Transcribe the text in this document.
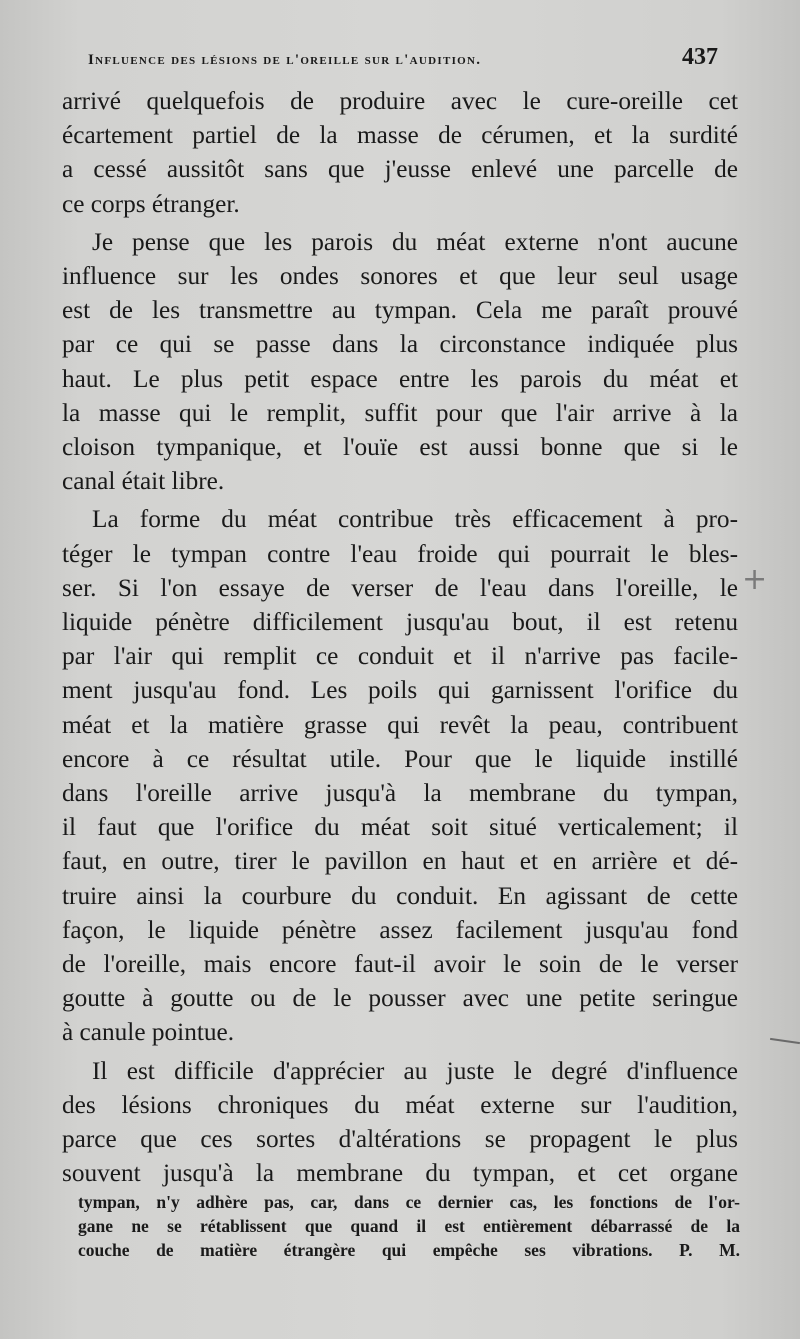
Influence des lésions de l'oreille sur l'audition.	437
arrivé quelquefois de produire avec le cure-oreille cet
écartement partiel de la masse de cérumen, et la surdité
a cessé aussitôt sans que j'eusse enlevé une parcelle de
ce corps étranger.
Je pense que les parois du méat externe n'ont aucune
influence sur les ondes sonores et que leur seul usage
est de les transmettre au tympan. Cela me paraît prouvé
par ce qui se passe dans la circonstance indiquée plus
haut. Le plus petit espace entre les parois du méat et
la masse qui le remplit, suffit pour que l'air arrive à la
cloison tympanique, et l'ouïe est aussi bonne que si le
canal était libre.
La forme du méat contribue très efficacement à pro-
téger le tympan contre l'eau froide qui pourrait le bles-
ser. Si l'on essaye de verser de l'eau dans l'oreille, le
liquide pénètre difficilement jusqu'au bout, il est retenu
par l'air qui remplit ce conduit et il n'arrive pas facile-
ment jusqu'au fond. Les poils qui garnissent l'orifice du
méat et la matière grasse qui revêt la peau, contribuent
encore à ce résultat utile. Pour que le liquide instillé
dans l'oreille arrive jusqu'à la membrane du tympan,
il faut que l'orifice du méat soit situé verticalement; il
faut, en outre, tirer le pavillon en haut et en arrière et dé-
truire ainsi la courbure du conduit. En agissant de cette
façon, le liquide pénètre assez facilement jusqu'au fond
de l'oreille, mais encore faut-il avoir le soin de le verser
goutte à goutte ou de le pousser avec une petite seringue
à canule pointue.
Il est difficile d'apprécier au juste le degré d'influence
des lésions chroniques du méat externe sur l'audition,
parce que ces sortes d'altérations se propagent le plus
souvent jusqu'à la membrane du tympan, et cet organe
tympan, n'y adhère pas, car, dans ce dernier cas, les fonctions de l'or-
gane ne se rétablissent que quand il est entièrement débarrassé de la
couche de matière étrangère qui empêche ses vibrations. P. M.
+
